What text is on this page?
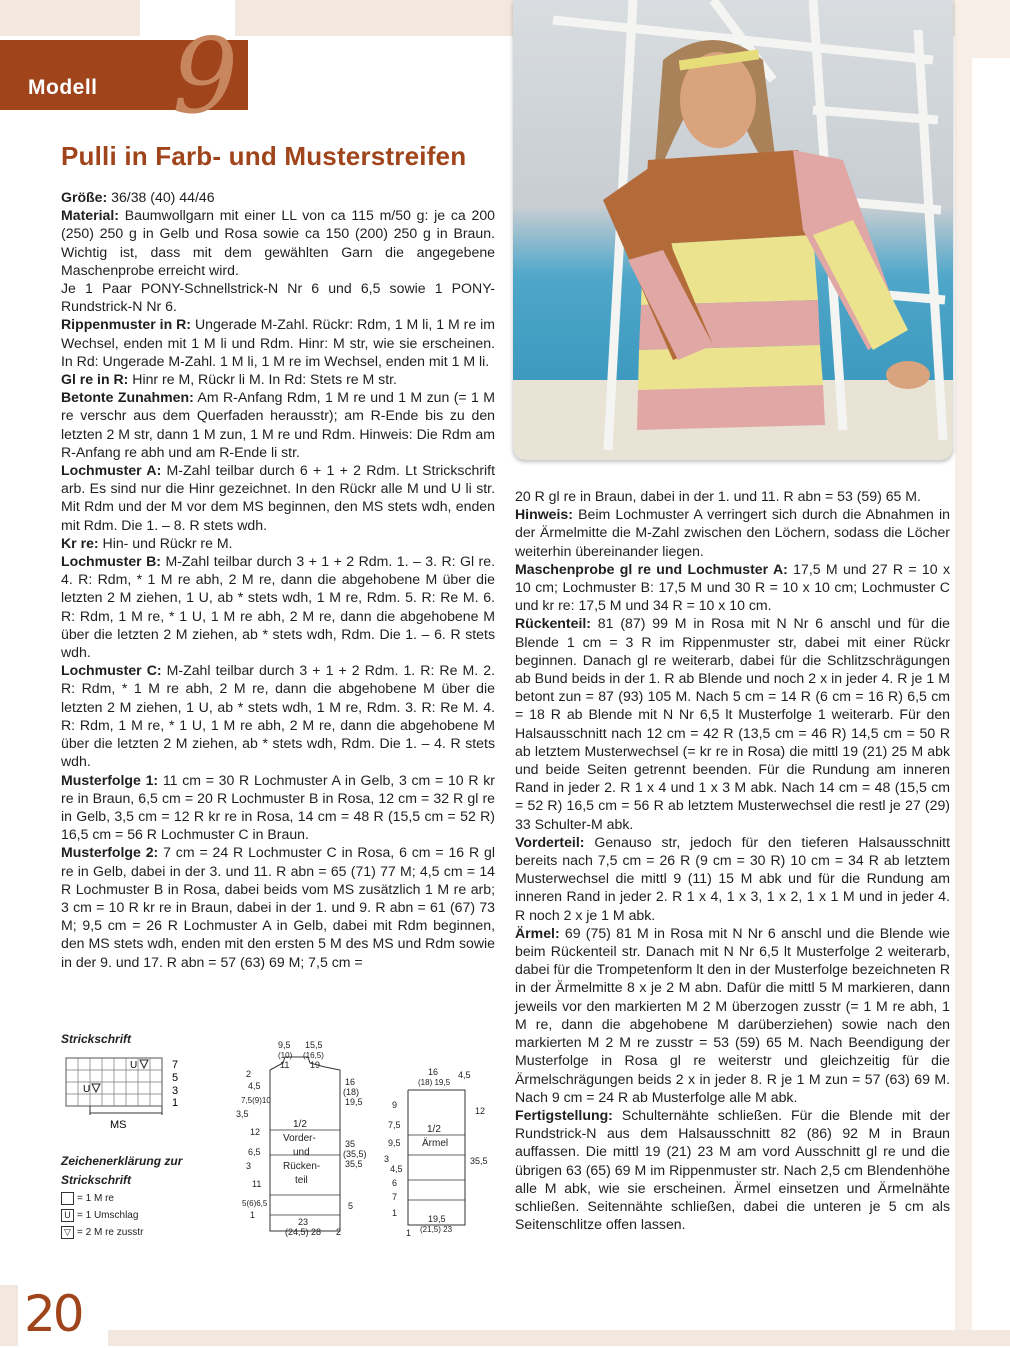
Modell 9
Pulli in Farb- und Musterstreifen

Größe: 36/38 (40) 44/46

Material: Baumwollgarn mit einer LL von ca 115 m/50 g: je ca 200 (250) 250 g in Gelb und Rosa sowie ca 150 (200) 250 g in Braun. Wichtig ist, dass mit dem gewählten Garn die angegebene Maschenprobe erreicht wird.

Je 1 Paar PONY-Schnellstrick-N Nr 6 und 6,5 sowie 1 PONY-Rundstrick-N Nr 6.

Rippenmuster in R: Ungerade M-Zahl. Rückr: Rdm, 1 M li, 1 M re im Wechsel, enden mit 1 M li und Rdm. Hinr: M str, wie sie erscheinen. In Rd: Ungerade M-Zahl. 1 M li, 1 M re im Wechsel, enden mit 1 M li.

Gl re in R: Hinr re M, Rückr li M. In Rd: Stets re M str.

Betonte Zunahmen: Am R-Anfang Rdm, 1 M re und 1 M zun (= 1 M re verschr aus dem Querfaden herausstr); am R-Ende bis zu den letzten 2 M str, dann 1 M zun, 1 M re und Rdm. Hinweis: Die Rdm am R-Anfang re abh und am R-Ende li str.

Lochmuster A: M-Zahl teilbar durch 6 + 1 + 2 Rdm. Lt Strickschrift arb. Es sind nur die Hinr gezeichnet. In den Rückr alle M und U li str. Mit Rdm und der M vor dem MS beginnen, den MS stets wdh, enden mit Rdm. Die 1. – 8. R stets wdh.

Kr re: Hin- und Rückr re M.

Lochmuster B: M-Zahl teilbar durch 3 + 1 + 2 Rdm. 1. – 3. R: Gl re. 4. R: Rdm, * 1 M re abh, 2 M re, dann die abgehobene M über die letzten 2 M ziehen, 1 U, ab * stets wdh, 1 M re, Rdm. 5. R: Re M. 6. R: Rdm, 1 M re, * 1 U, 1 M re abh, 2 M re, dann die abgehobene M über die letzten 2 M ziehen, ab * stets wdh, Rdm. Die 1. – 6. R stets wdh.

Lochmuster C: M-Zahl teilbar durch 3 + 1 + 2 Rdm. 1. R: Re M. 2. R: Rdm, * 1 M re abh, 2 M re, dann die abgehobene M über die letzten 2 M ziehen, 1 U, ab * stets wdh, 1 M re, Rdm. 3. R: Re M. 4. R: Rdm, 1 M re, * 1 U, 1 M re abh, 2 M re, dann die abgehobene M über die letzten 2 M ziehen, ab * stets wdh, Rdm. Die 1. – 4. R stets wdh.

Musterfolge 1: 11 cm = 30 R Lochmuster A in Gelb, 3 cm = 10 R kr re in Braun, 6,5 cm = 20 R Lochmuster B in Rosa, 12 cm = 32 R gl re in Gelb, 3,5 cm = 12 R kr re in Rosa, 14 cm = 48 R (15,5 cm = 52 R) 16,5 cm = 56 R Lochmuster C in Braun.

Musterfolge 2: 7 cm = 24 R Lochmuster C in Rosa, 6 cm = 16 R gl re in Gelb, dabei in der 3. und 11. R abn = 65 (71) 77 M; 4,5 cm = 14 R Lochmuster B in Rosa, dabei beids vom MS zusätzlich 1 M re arb; 3 cm = 10 R kr re in Braun, dabei in der 1. und 9. R abn = 61 (67) 73 M; 9,5 cm = 26 R Lochmuster A in Gelb, dabei mit Rdm beginnen, den MS stets wdh, enden mit den ersten 5 M des MS und Rdm sowie in der 9. und 17. R abn = 57 (63) 69 M; 7,5 cm =

20 R gl re in Braun, dabei in der 1. und 11. R abn = 53 (59) 65 M.

Hinweis: Beim Lochmuster A verringert sich durch die Abnahmen in der Ärmelmitte die M-Zahl zwischen den Löchern, sodass die Löcher weiterhin übereinander liegen.

Maschenprobe gl re und Lochmuster A: 17,5 M und 27 R = 10 x 10 cm; Lochmuster B: 17,5 M und 30 R = 10 x 10 cm; Lochmuster C und kr re: 17,5 M und 34 R = 10 x 10 cm.

Rückenteil: 81 (87) 99 M in Rosa mit N Nr 6 anschl und für die Blende 1 cm = 3 R im Rippenmuster str, dabei mit einer Rückr beginnen. Danach gl re weiterarb, dabei für die Schlitzschrägungen ab Bund beids in der 1. R ab Blende und noch 2 x in jeder 4. R je 1 M betont zun = 87 (93) 105 M. Nach 5 cm = 14 R (6 cm = 16 R) 6,5 cm = 18 R ab Blende mit N Nr 6,5 lt Musterfolge 1 weiterarb. Für den Halsausschnitt nach 12 cm = 42 R (13,5 cm = 46 R) 14,5 cm = 50 R ab letztem Musterwechsel (= kr re in Rosa) die mittl 19 (21) 25 M abk und beide Seiten getrennt beenden. Für die Rundung am inneren Rand in jeder 2. R 1 x 4 und 1 x 3 M abk. Nach 14 cm = 48 (15,5 cm = 52 R) 16,5 cm = 56 R ab letztem Musterwechsel die restl je 27 (29) 33 Schulter-M abk.

Vorderteil: Genauso str, jedoch für den tieferen Halsausschnitt bereits nach 7,5 cm = 26 R (9 cm = 30 R) 10 cm = 34 R ab letztem Musterwechsel die mittl 9 (11) 15 M abk und für die Rundung am inneren Rand in jeder 2. R 1 x 4, 1 x 3, 1 x 2, 1 x 1 M und in jeder 4. R noch 2 x je 1 M abk.

Ärmel: 69 (75) 81 M in Rosa mit N Nr 6 anschl und die Blende wie beim Rückenteil str. Danach mit N Nr 6,5 lt Musterfolge 2 weiterarb, dabei für die Trompetenform lt den in der Musterfolge bezeichneten R in der Ärmelmitte 8 x je 2 M abn. Dafür die mittl 5 M markieren, dann jeweils vor den markierten M 2 M überzogen zusstr (= 1 M re abh, 1 M re, dann die abgehobene M darüberziehen) sowie nach den markierten M 2 M re zusstr = 53 (59) 65 M. Nach Beendigung der Musterfolge in Rosa gl re weiterstr und gleichzeitig für die Ärmelschrägungen beids 2 x in jeder 8. R je 1 M zun = 57 (63) 69 M. Nach 9 cm = 24 R ab Musterfolge alle M abk.

Fertigstellung: Schulternähte schließen. Für die Blende mit der Rundstrick-N aus dem Halsausschnitt 82 (86) 92 M in Braun auffassen. Die mittl 19 (21) 23 M am vord Ausschnitt gl re und die übrigen 63 (65) 69 M im Rippenmuster str. Nach 2,5 cm Blendenhöhe alle M abk, wie sie erscheinen. Ärmel einsetzen und Ärmelnähte schließen. Seitennähte schließen, dabei die unteren je 5 cm als Seitenschlitze offen lassen.

Strickschrift
U
U
MS
7
5
3
1
Zeichenerklärung zur Strickschrift
= 1 M re
U = 1 Umschlag
▽ = 2 M re zusstr
1/2
Vorder-
und
Rücken-
teil
9,5
(10)
11
15,5
(16,5)
19
2
4,5
7,5(9)10
3,5
12
6,5
3
11
5(6)6,5
1
16
(18)
19,5
35
(35,5)
35,5
5
23
(24,5) 28 2
1/2
Ärmel
16
(18) 19,5
4,5
9
7,5
9,5
3
4,5
6
7
1
12
35,5
19,5
(21,5) 23
1
20
